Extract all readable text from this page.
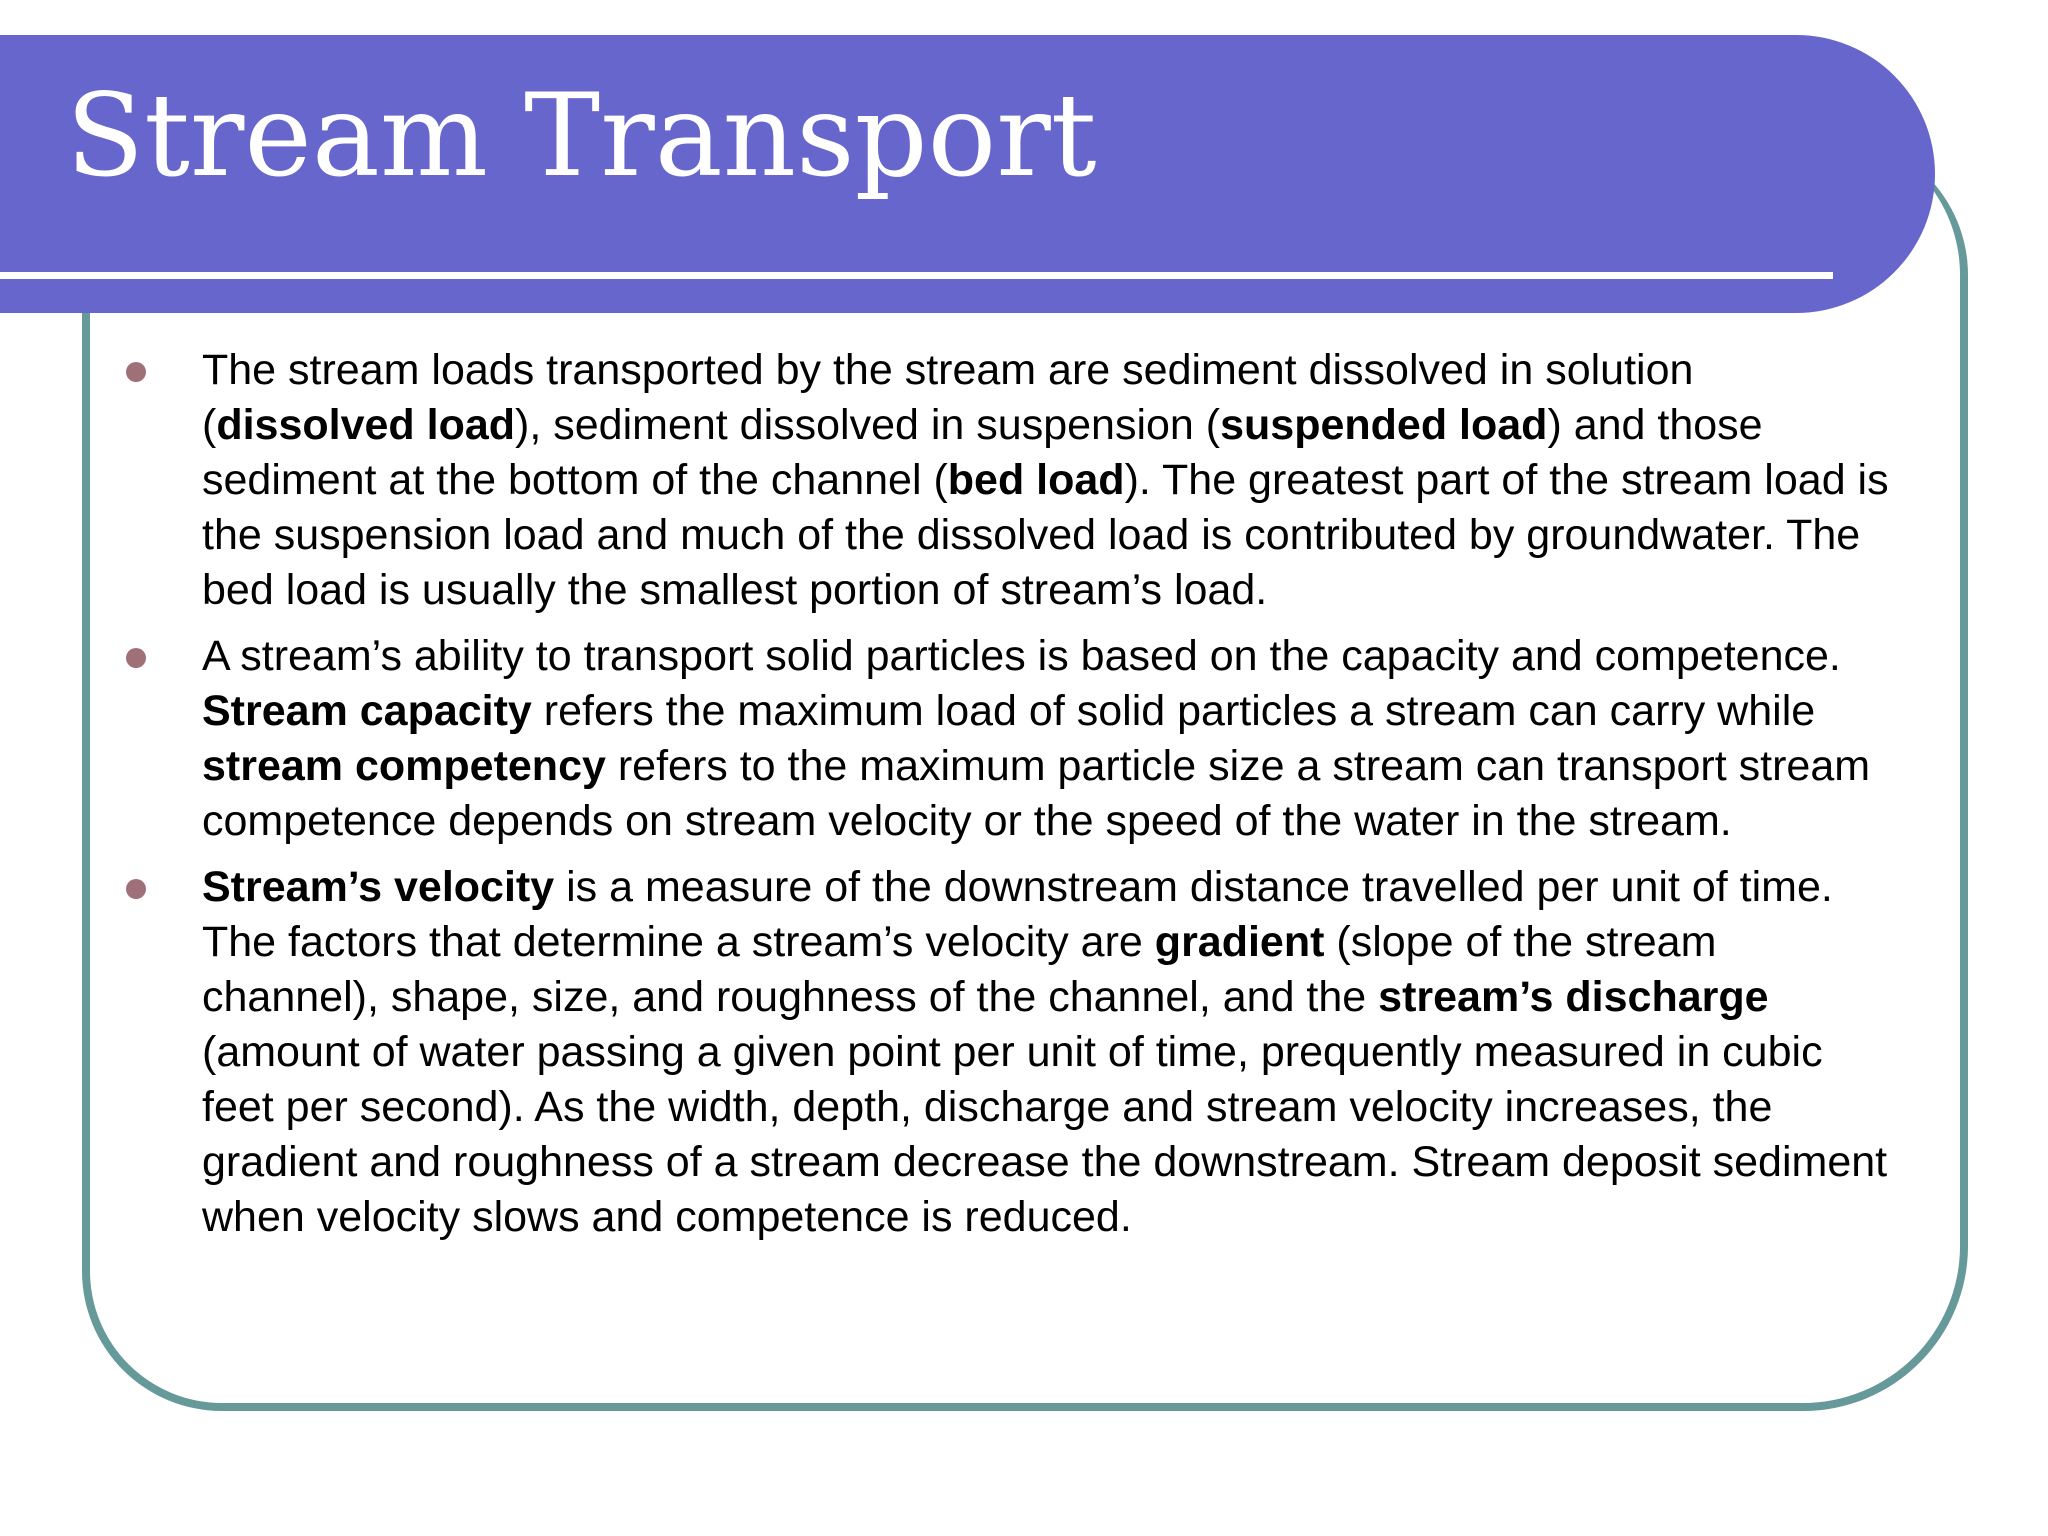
Stream Transport
The stream loads transported by the stream are sediment dissolved in solution (dissolved load), sediment dissolved in suspension (suspended load) and those sediment at the bottom of the channel (bed load). The greatest part of the stream load is the suspension load and much of the dissolved load is contributed by groundwater. The bed load is usually the smallest portion of stream’s load.
A stream’s ability to transport solid particles is based on the capacity and competence. Stream capacity refers the maximum load of solid particles a stream can carry while stream competency refers to the maximum particle size a stream can transport stream competence depends on stream velocity or the speed of the water in the stream.
Stream’s velocity is a measure of the downstream distance travelled per unit of time. The factors that determine a stream’s velocity are gradient (slope of the stream channel), shape, size, and roughness of the channel, and the stream’s discharge (amount of water passing a given point per unit of time, prequently measured in cubic feet per second). As the width, depth, discharge and stream velocity increases, the gradient and roughness of a stream decrease the downstream. Stream deposit sediment when velocity slows and competence is reduced.
